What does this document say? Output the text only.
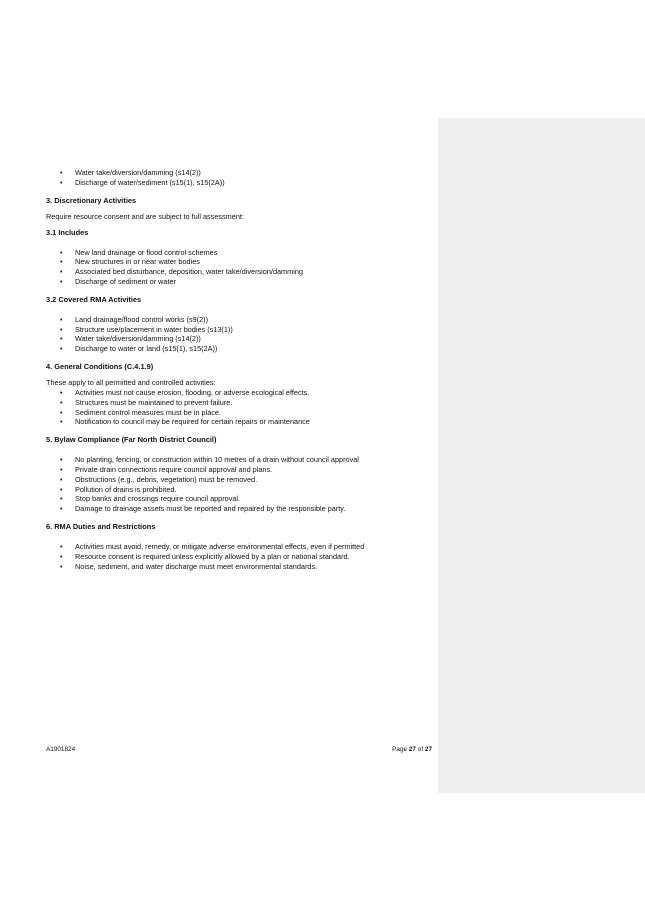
• Water take/diversion/damming (s14(2))
• Discharge of water/sediment (s15(1), s15(2A))
3. Discretionary Activities
Require resource consent and are subject to full assessment:
3.1 Includes
• New land drainage or flood control schemes
• New structures in or near water bodies
• Associated bed disturbance, deposition, water take/diversion/damming
• Discharge of sediment or water
3.2 Covered RMA Activities
• Land drainage/flood control works (s9(2))
• Structure use/placement in water bodies (s13(1))
• Water take/diversion/damming (s14(2))
• Discharge to water or land (s15(1), s15(2A))
4. General Conditions (C.4.1.9)
These apply to all permitted and controlled activities:
• Activities must not cause erosion, flooding, or adverse ecological effects.
• Structures must be maintained to prevent failure.
• Sediment control measures must be in place.
• Notification to council may be required for certain repairs or maintenance
5. Bylaw Compliance (Far North District Council)
• No planting, fencing, or construction within 10 metres of a drain without council approval
• Private drain connections require council approval and plans.
• Obstructions (e.g., debris, vegetation) must be removed.
• Pollution of drains is prohibited.
• Stop banks and crossings require council approval.
• Damage to drainage assets must be reported and repaired by the responsible party.
6. RMA Duties and Restrictions
• Activities must avoid, remedy, or mitigate adverse environmental effects, even if permitted
• Resource consent is required unless explicitly allowed by a plan or national standard.
• Noise, sediment, and water discharge must meet environmental standards.
A1901824	Page 27 of 27
